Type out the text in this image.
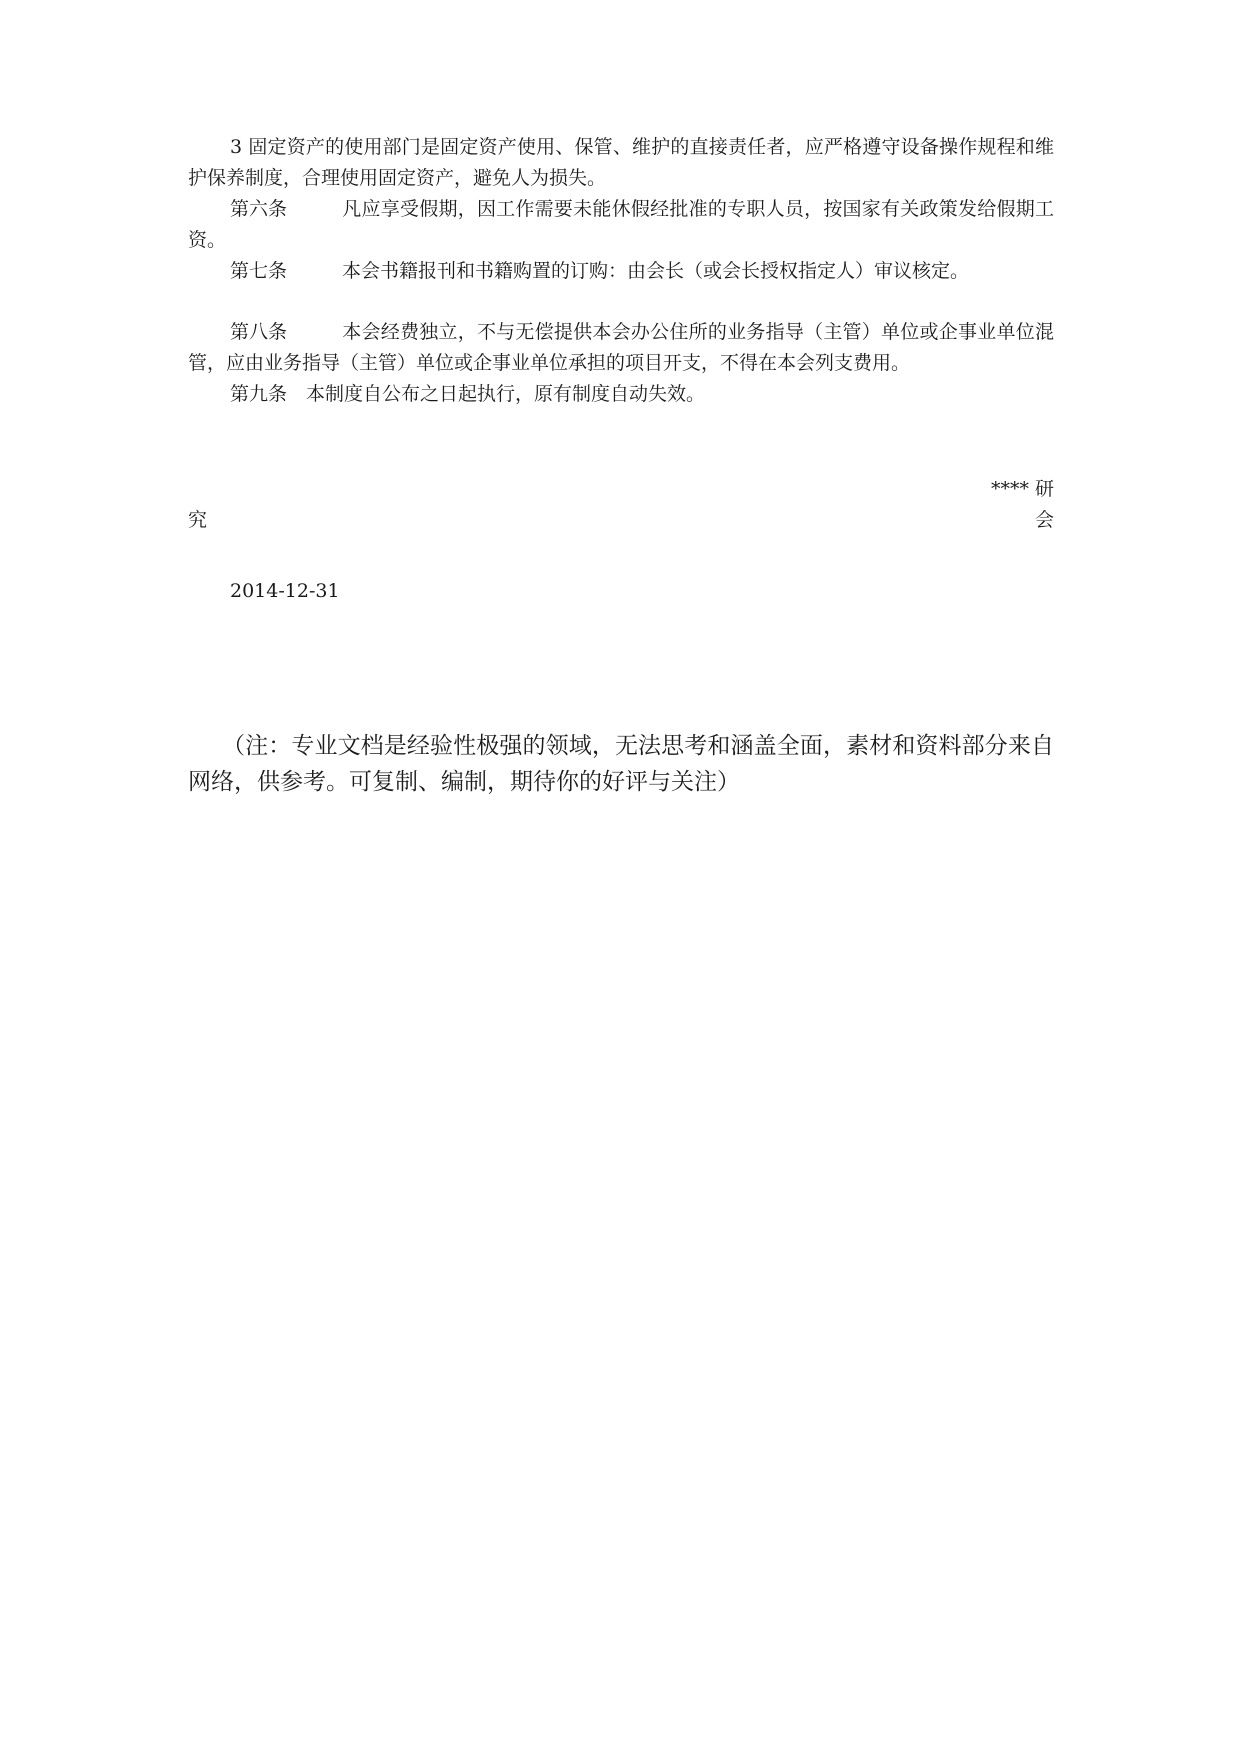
3 固定资产的使用部门是固定资产使用、保管、维护的直接责任者，应严格遵守设备操作规程和维护保养制度，合理使用固定资产，避免人为损失。

第六条	凡应享受假期，因工作需要未能休假经批准的专职人员，按国家有关政策发给假期工资。

第七条	本会书籍报刊和书籍购置的订购：由会长（或会长授权指定人）审议核定。

第八条	本会经费独立，不与无偿提供本会办公住所的业务指导（主管）单位或企事业单位混管，应由业务指导（主管）单位或企事业单位承担的项目开支，不得在本会列支费用。

第九条 本制度自公布之日起执行，原有制度自动失效。

**** 研
究	会
2014-12-31

（注：专业文档是经验性极强的领域，无法思考和涵盖全面，素材和资料部分来自网络，供参考。可复制、编制，期待你的好评与关注）
